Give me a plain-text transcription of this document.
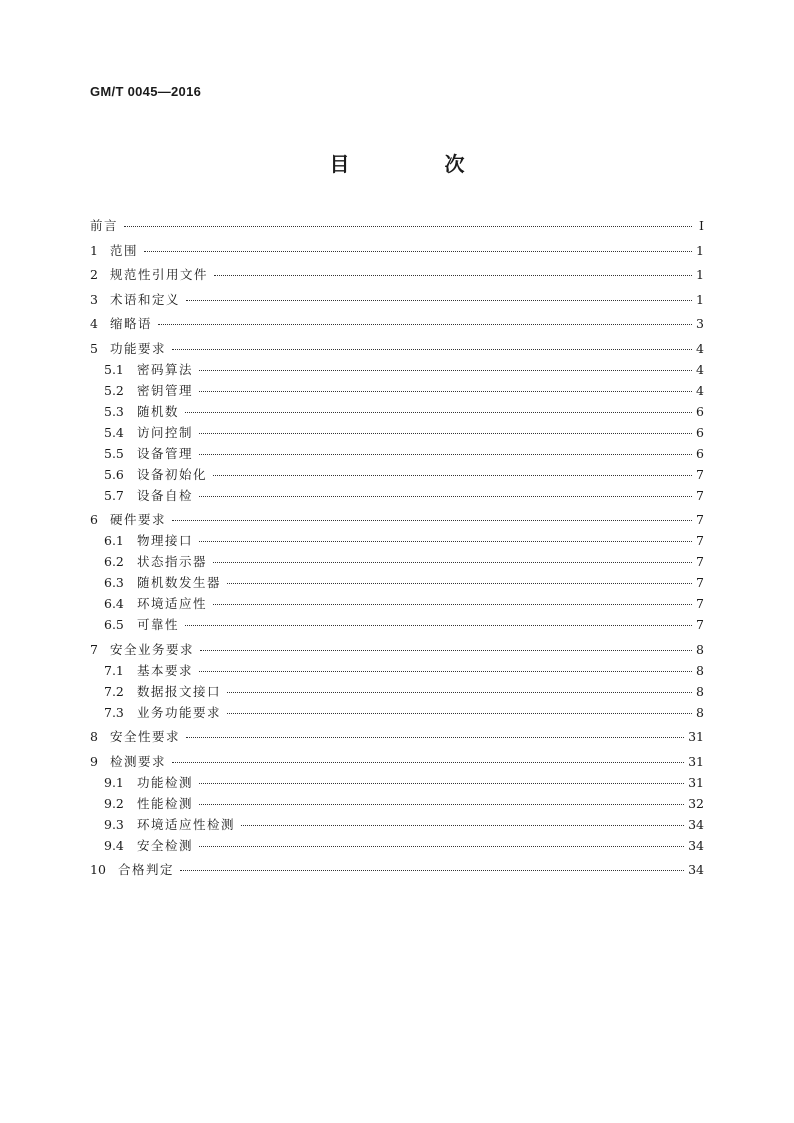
GM/T 0045—2016
目 次
前言	I
1 范围	1
2 规范性引用文件	1
3 术语和定义	1
4 缩略语	3
5 功能要求	4
5.1	密码算法	4
5.2	密钥管理	4
5.3	随机数	6
5.4	访问控制	6
5.5	设备管理	6
5.6	设备初始化	7
5.7	设备自检	7
6 硬件要求	7
6.1	物理接口	7
6.2	状态指示器	7
6.3	随机数发生器	7
6.4	环境适应性	7
6.5	可靠性	7
7 安全业务要求	8
7.1	基本要求	8
7.2	数据报文接口	8
7.3	业务功能要求	8
8 安全性要求	31
9 检测要求	31
9.1	功能检测	31
9.2	性能检测	32
9.3	环境适应性检测	34
9.4	安全检测	34
10 合格判定	34
